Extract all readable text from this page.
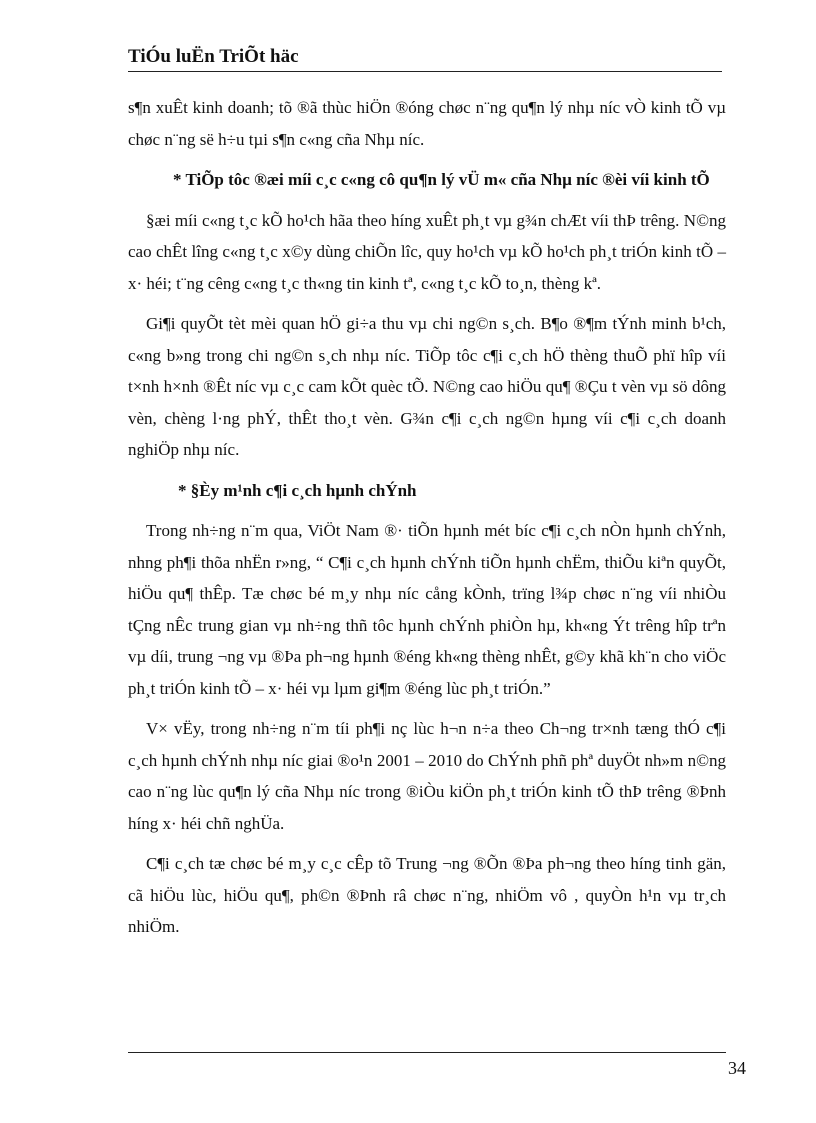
TiÓu luËn TriÕt häc

s¶n xuÊt kinh doanh; tõ ®ã thùc hiÖn ®óng chøc n¨ng qu¶n lý nhµ níc vÒ kinh tÕ vµ chøc n¨ng së h÷u tµi s¶n c«ng cña Nhµ níc.

* TiÕp tôc ®æi míi c¸c c«ng cô qu¶n lý vÜ m« cña Nhµ níc ®èi víi kinh tÕ

§æi míi c«ng t¸c kÕ ho¹ch hãa theo híng xuÊt ph¸t vµ g¾n chÆt víi thÞ trêng. N©ng cao chÊt lîng c«ng t¸c x©y dùng chiÕn lîc, quy ho¹ch vµ kÕ ho¹ch ph¸t triÓn kinh tÕ – x· héi; t¨ng cêng c«ng t¸c th«ng tin kinh tª, c«ng t¸c kÕ to¸n, thèng kª.

Gi¶i quyÕt tèt mèi quan hÖ gi÷a thu vµ chi ng©n s¸ch. B¶o ®¶m tÝnh minh b¹ch, c«ng b»ng trong chi ng©n s¸ch nhµ níc. TiÕp tôc c¶i c¸ch hÖ thèng thuÕ phï hîp víi t×nh h×nh ®Êt níc vµ c¸c cam kÕt quèc tÕ. N©ng cao hiÖu qu¶ ®Çu t vèn vµ sö dông vèn, chèng l·ng phÝ, thÊt tho¸t vèn. G¾n c¶i c¸ch ng©n hµng víi c¶i c¸ch doanh nghiÖp nhµ níc.

* §Èy m¹nh c¶i c¸ch hµnh chÝnh

Trong nh÷ng n¨m qua, ViÖt Nam ®· tiÕn hµnh mét bíc c¶i c¸ch nÒn hµnh chÝnh, nhng ph¶i thõa nhËn r»ng, “ C¶i c¸ch hµnh chÝnh tiÕn hµnh chËm, thiÕu kiªn quyÕt, hiÖu qu¶ thÊp. Tæ chøc bé m¸y nhµ níc cång kÒnh, trïng l¾p chøc n¨ng víi nhiÒu tÇng nÊc trung gian vµ nh÷ng thñ tôc hµnh chÝnh phiÒn hµ, kh«ng Ýt trêng hîp trªn vµ díi, trung ¬ng vµ ®Þa ph¬ng hµnh ®éng kh«ng thèng nhÊt, g©y khã kh¨n cho viÖc ph¸t triÓn kinh tÕ – x· héi vµ lµm gi¶m ®éng lùc ph¸t triÓn.”

V× vËy, trong nh÷ng n¨m tíi ph¶i nç lùc h¬n n÷a theo Ch¬ng tr×nh tæng thÓ c¶i c¸ch hµnh chÝnh nhµ níc giai ®o¹n 2001 – 2010 do ChÝnh phñ phª duyÖt nh»m n©ng cao n¨ng lùc qu¶n lý cña Nhµ níc trong ®iÒu kiÖn ph¸t triÓn kinh tÕ thÞ trêng ®Þnh híng x· héi chñ nghÜa.

C¶i c¸ch tæ chøc bé m¸y c¸c cÊp tõ Trung ¬ng ®Õn ®Þa ph¬ng theo híng tinh gän, cã hiÖu lùc, hiÖu qu¶, ph©n ®Þnh râ chøc n¨ng, nhiÖm vô , quyÒn h¹n vµ tr¸ch nhiÖm.

34
